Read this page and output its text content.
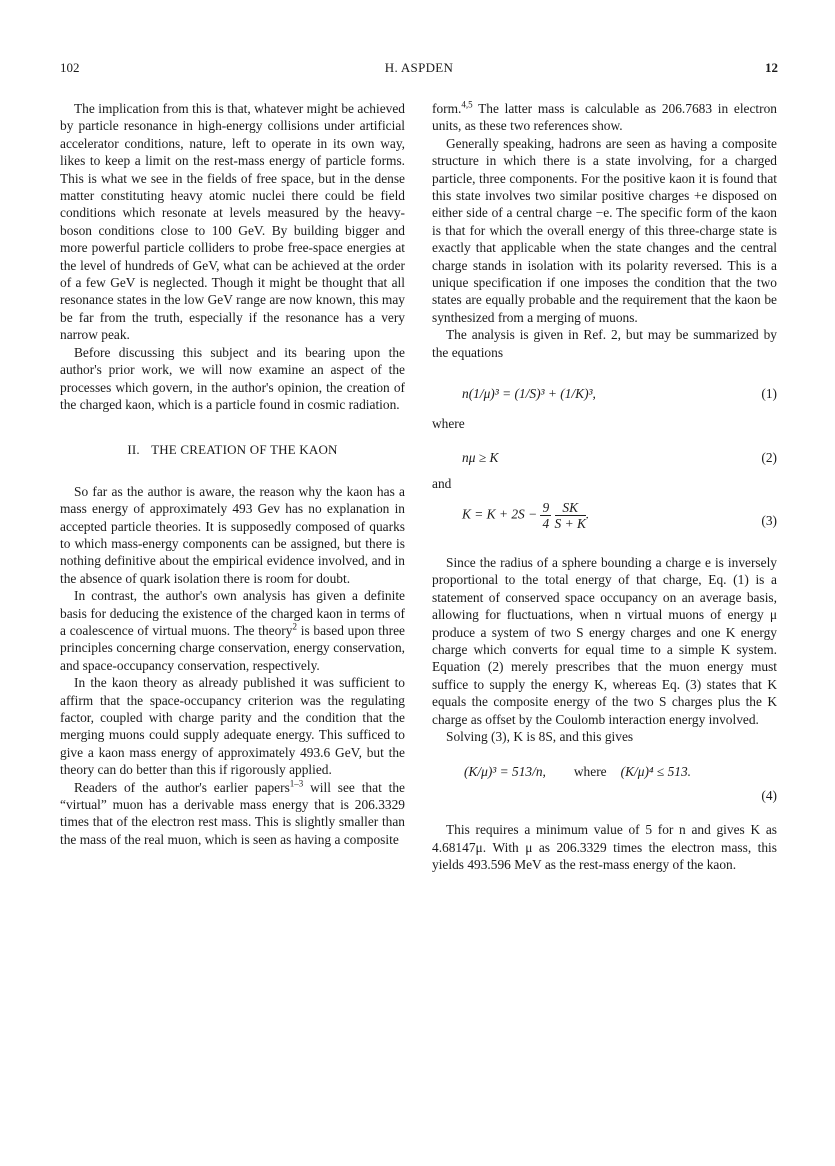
102	H. ASPDEN	12

The implication from this is that, whatever might be achieved by particle resonance in high-energy collisions under artificial accelerator conditions, nature, left to operate in its own way, likes to keep a limit on the rest-mass energy of particle forms. This is what we see in the fields of free space, but in the dense matter constituting heavy atomic nuclei there could be field conditions which resonate at levels measured by the heavy-boson conditions close to 100 GeV. By building bigger and more powerful particle colliders to probe free-space energies at the level of hundreds of GeV, what can be achieved at the order of a few GeV is neglected. Though it might be thought that all resonance states in the low GeV range are now known, this may be far from the truth, especially if the resonance has a very narrow peak.

Before discussing this subject and its bearing upon the author's prior work, we will now examine an aspect of the processes which govern, in the author's opinion, the creation of the charged kaon, which is a particle found in cosmic radiation.

II. THE CREATION OF THE KAON

So far as the author is aware, the reason why the kaon has a mass energy of approximately 493 Gev has no explanation in accepted particle theories. It is supposedly composed of quarks to which mass-energy components can be assigned, but there is nothing definitive about the empirical evidence involved, and in the absence of quark isolation there is room for doubt.

In contrast, the author's own analysis has given a definite basis for deducing the existence of the charged kaon in terms of a coalescence of virtual muons. The theory$^2$ is based upon three principles concerning charge conservation, energy conservation, and space-occupancy conservation, respectively.

In the kaon theory as already published it was sufficient to affirm that the space-occupancy criterion was the regulating factor, coupled with charge parity and the condition that the merging muons could supply adequate energy. This sufficed to give a kaon mass energy of approximately 493.6 GeV, but the theory can do better than this if rigorously applied.

Readers of the author's earlier papers$^{1-3}$ will see that the “virtual” muon has a derivable mass energy that is 206.3329 times that of the electron rest mass. This is slightly smaller than the mass of the real muon, which is seen as having a composite

form.$^{4,5}$ The latter mass is calculable as 206.7683 in electron units, as these two references show.

Generally speaking, hadrons are seen as having a composite structure in which there is a state involving, for a charged particle, three components. For the positive kaon it is found that this state involves two similar positive charges +e disposed on either side of a central charge −e. The specific form of the kaon is that for which the overall energy of this three-charge state is exactly that applicable when the state changes and the central charge stands in isolation with its polarity reversed. This is a unique specification if one imposes the condition that the two states are equally probable and the requirement that the kaon be synthesized from a merging of muons.

The analysis is given in Ref. 2, but may be summarized by the equations

n(1/μ)³ = (1/S)³ + (1/K)³,	(1)

where

nμ ≥ K	(2)

and

$K = K + 2S - \frac{9}{4}$
$\frac{SK}{S + K}$ .	(3)

Since the radius of a sphere bounding a charge e is inversely proportional to the total energy of that charge, Eq. (1) is a statement of conserved space occupancy on an average basis, allowing for fluctuations, when n virtual muons of energy μ produce a system of two S energy charges and one K energy charge which converts for equal time to a simple K system. Equation (2) merely prescribes that the muon energy must suffice to supply the energy K, whereas Eq. (3) states that K equals the composite energy of the two S charges plus the K charge as offset by the Coulomb interaction energy involved.

Solving (3), K is 8S, and this gives

(K/μ)³ = 513/n, where (K/μ)⁴ ≤ 513.
(4)

This requires a minimum value of 5 for n and gives K as 4.68147μ. With μ as 206.3329 times the electron mass, this yields 493.596 MeV as the rest-mass energy of the kaon.
